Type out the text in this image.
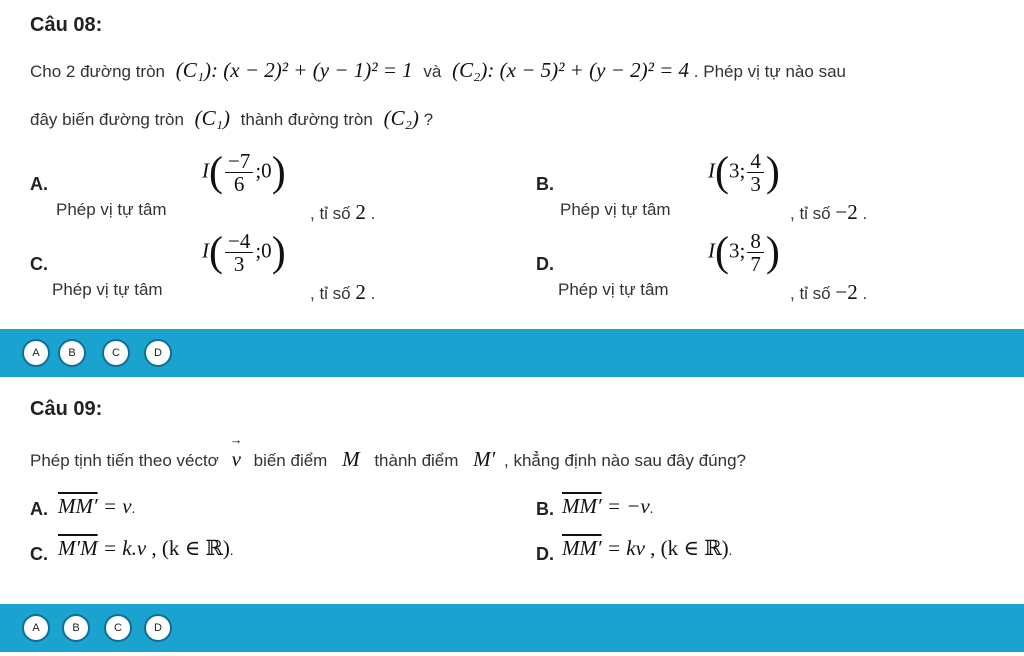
Câu 08:
Cho 2 đường tròn (C₁): (x − 2)² + (y − 1)² = 1 và (C₂): (x − 5)² + (y − 2)² = 4 . Phép vị tự nào sau
đây biến đường tròn (C₁) thành đường tròn (C₂) ?
A.
Phép vị tự tâm
$I( \frac{-7}{6}$ ;0)
, tỉ số 2 .
B.
Phép vị tự tâm
I(3; $\frac{4}{3}$ )
, tỉ số −2 .
C.
Phép vị tự tâm
$I( \frac{-4}{3}$ ;0)
, tỉ số 2 .
D.
Phép vị tự tâm
I(3; $\frac{8}{7}$ )
, tỉ số −2 .
A	B	C	D
Câu 09:
Phép tịnh tiến theo véctơ → v biến điểm M thành điểm M′ , khẳng định nào sau đây đúng?
A. MM′ = v.	B. MM′ = −v.
C. M′M = k.v , (k ∈ ℝ).	D. MM′ = kv , (k ∈ ℝ).
A	B	C	D
